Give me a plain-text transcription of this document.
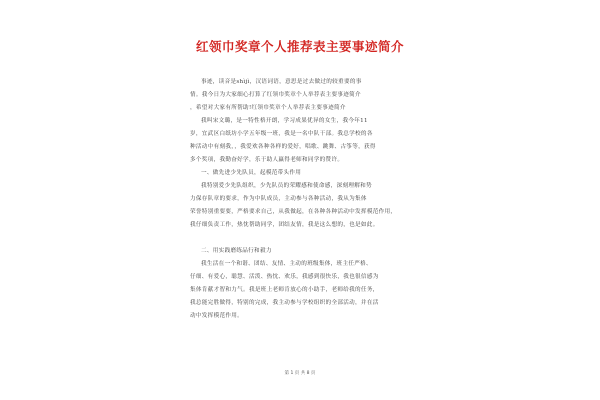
红领巾奖章个人推荐表主要事迹简介
事迹，读音是shìjì，汉语词语，意思是过去做过的较重要的事
情。我今日为大家细心打算了红领巾奖章个人举荐表主要事迹简介
，希望对大家有所帮助!红领巾奖章个人举荐表主要事迹简介
我叫宋文璐，是一特性格开朗，学习成果优异的女生，我今年11
岁，宜武区白纸坊小学五年级一班，我是一名中队干部。我总学校的各
种活动中有刻我，，我爱欢各种各样的爱好，唱歌、跳舞、古筝等，获得
多个奖项，我勤奋好学，乐于助人赢得老师和同学的赞许。
一、做先进少先队员，起模范带头作用
我特别爱少先队组织，少先队员的荣耀感和使命感，深刻理解和势
力保存队章的要求，作为中队成员，主动参与各种活动，我从为集体
荣誉特别重要要，严格要求自己，从我做起，在各种各种活动中发挥模范作用，
我仔细负责工作，热忱帮助同学，团结友情，我是这么想的，也是如此。
二、用实践磨练品行和毅力
我生活在一个和谐、团结、友情、主动的班级集体，班主任严格、
仔细、有爱心，聪慧、活泼、热忱、欢乐，我感到很快乐，我也很信感为
集体肯献才智和力气。我是班上老师肯放心的小助手，老师给我的任务，
我总能完胜做得，特别的完成，我主动参与学校组织的全部活动，并在活
动中发挥模范作用。
第 1 页 共 8 页
